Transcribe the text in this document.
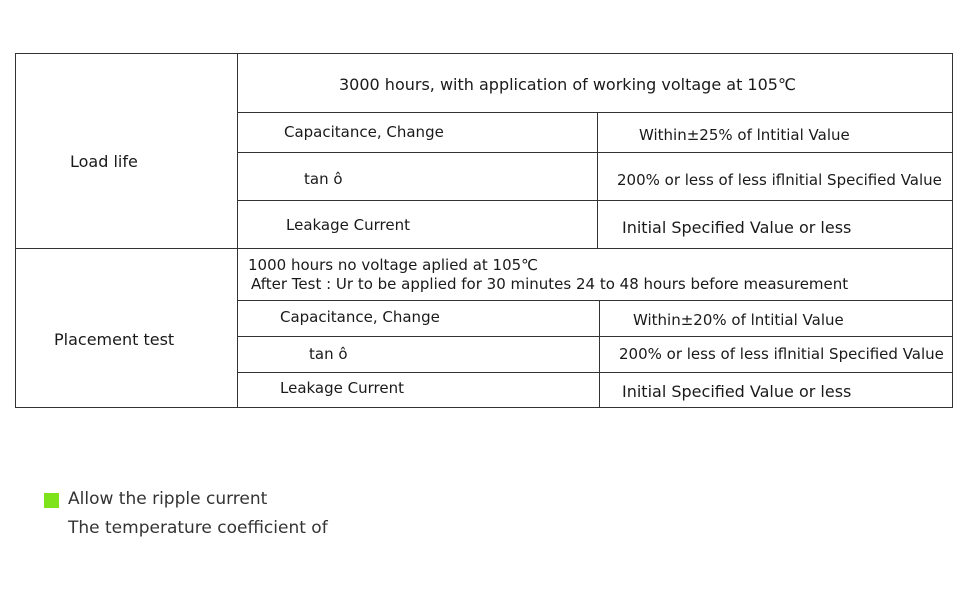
Load life
3000 hours, with application of working voltage at 105℃
Capacitance, Change	Within±25% of lntitial Value
tan ô	200% or less of less iflnitial Specified Value
Leakage Current	Initial Specified Value or less
Placement test
1000 hours no voltage aplied at 105℃
After Test : Ur to be applied for 30 minutes 24 to 48 hours before measurement
Capacitance, Change	Within±20% of lntitial Value
tan ô	200% or less of less iflnitial Specified Value
Leakage Current	Initial Specified Value or less
Allow the ripple current
The temperature coefficient of
